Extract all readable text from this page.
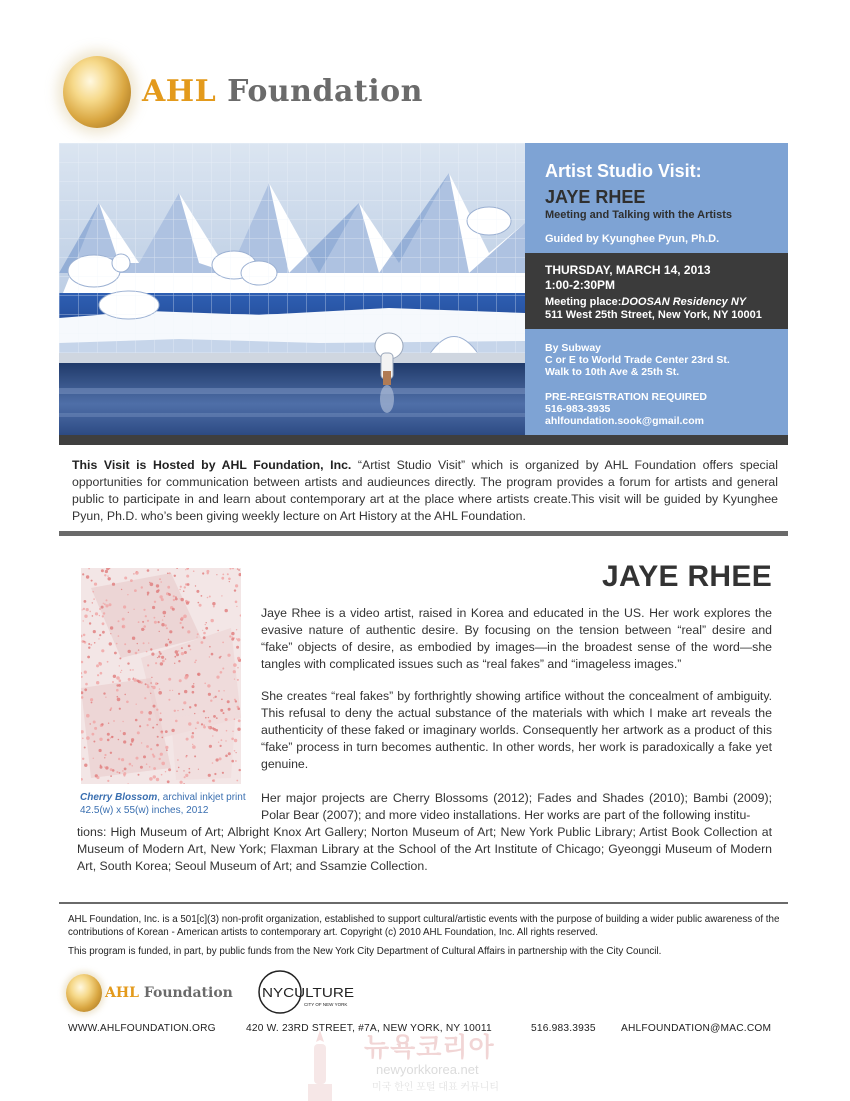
AHL Foundation
Artist Studio Visit:
JAYE RHEE
Meeting and Talking with the Artists
Guided by Kyunghee Pyun, Ph.D.
THURSDAY, MARCH 14, 2013
1:00-2:30PM
Meeting place:DOOSAN Residency NY
511 West 25th Street, New York, NY 10001
By Subway
C or E to World Trade Center 23rd St.
Walk to 10th Ave & 25th St.
PRE-REGISTRATION REQUIRED
516-983-3935
ahlfoundation.sook@gmail.com

This Visit is Hosted by AHL Foundation, Inc. “Artist Studio Visit” which is organized by AHL Foundation offers special opportunities for communication between artists and audieunces directly. The program provides a forum for artists and general public to participate in and learn about contemporary art at the place where artists create.This visit will be guided by Kyunghee Pyun, Ph.D. who’s been giving weekly lecture on Art History at the AHL Foundation.

Cherry Blossom, archival inkjet print
42.5(w) x 55(w) inches, 2012
JAYE RHEE

Jaye Rhee is a video artist, raised in Korea and educated in the US. Her work explores the evasive nature of authentic desire. By focusing on the tension between “real” desire and “fake” objects of desire, as embodied by images—in the broadest sense of the word—she tangles with complicated issues such as “real fakes” and “imageless images.”

She creates “real fakes” by forthrightly showing artifice without the concealment of ambiguity. This refusal to deny the actual substance of the materials with which I make art reveals the authenticity of these faked or imaginary worlds. Consequently her artwork as a product of this “fake” process in turn becomes authentic. In other words, her work is paradoxically a fake yet genuine.

Her major projects are Cherry Blossoms (2012); Fades and Shades (2010); Bambi (2009); Polar Bear (2007); and more video installations. Her works are part of the following institu-

tions: High Museum of Art; Albright Knox Art Gallery; Norton Museum of Art; New York Public Library; Artist Book Collection at Museum of Modern Art, New York; Flaxman Library at the School of the Art Institute of Chicago; Gyeonggi Museum of Modern Art, South Korea; Seoul Museum of Art; and Ssamzie Collection.

AHL Foundation, Inc. is a 501[c](3) non-profit organization, established to support cultural/artistic events with the purpose of building a wider public awareness of the contributions of Korean - American artists to contemporary art. Copyright (c) 2010 AHL Foundation, Inc. All rights reserved.

This program is funded, in part, by public funds from the New York City Department of Cultural Affairs in partnership with the City Council.

AHL Foundation NYCULTURE
CITY OF NEW YORK
WWW.AHLFOUNDATION.ORG	420 W. 23RD STREET, #7A, NEW YORK, NY 10011	516.983.3935 AHLFOUNDATION@MAC.COM
뉴욕코리아
newyorkkorea.net
미국 한인 포털 대표 커뮤니티
